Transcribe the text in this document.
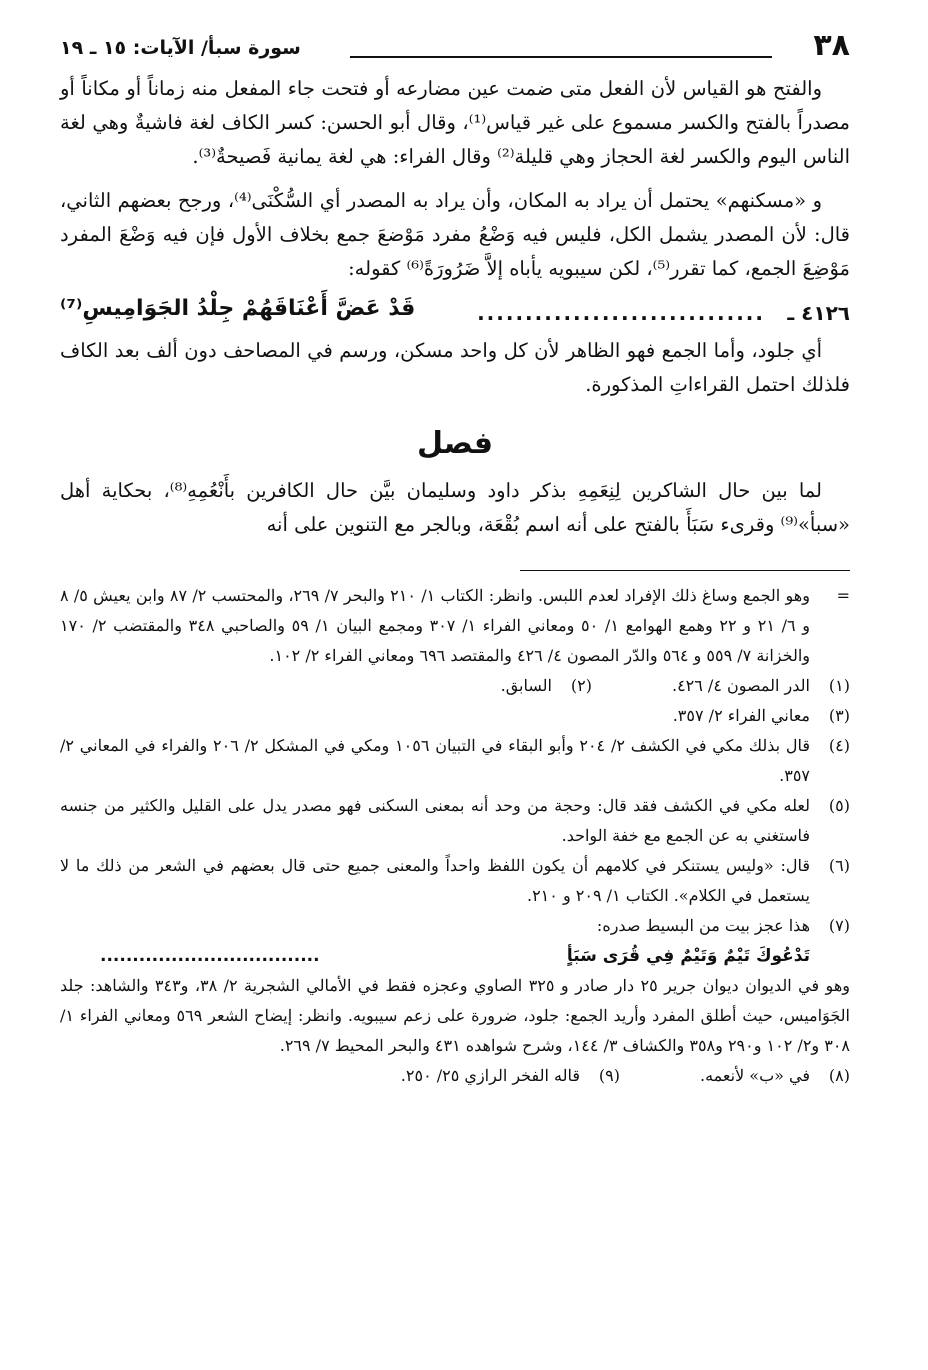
٣٨
سورة سبأ/ الآيات: ١٥ ـ ١٩

والفتح هو القياس لأن الفعل متى ضمت عين مضارعه أو فتحت جاء المفعل منه زماناً أو مكاناً أو مصدراً بالفتح والكسر مسموع على غير قياس⁽¹⁾، وقال أبو الحسن: كسر الكاف لغة فاشيةٌ وهي لغة الناس اليوم والكسر لغة الحجاز وهي قليلة⁽²⁾ وقال الفراء: هي لغة يمانية فَصيحةٌ⁽³⁾.

و «مسكنهم» يحتمل أن يراد به المكان، وأن يراد به المصدر أي السُّكْنَى⁽⁴⁾، ورجح بعضهم الثاني، قال: لأن المصدر يشمل الكل، فليس فيه وَضْعُ مفرد مَوْضعَ جمع بخلاف الأول فإن فيه وَضْعَ المفرد مَوْضِعَ الجمع، كما تقرر⁽⁵⁾، لكن سيبويه يأباه إلاَّ ضَرُورَةً⁽⁶⁾ كقوله:

٤١٢٦ ـ
..............................
قَدْ عَضَّ أَعْنَاقَهُمْ جِلْدُ الجَوَامِيسِ⁽⁷⁾

أي جلود، وأما الجمع فهو الظاهر لأن كل واحد مسكن، ورسم في المصاحف دون ألف بعد الكاف فلذلك احتمل القراءاتِ المذكورة.

فصل

لما بين حال الشاكرين لِنِعَمِهِ بذكر داود وسليمان بيَّن حال الكافرين بأَنْعُمِهِ⁽⁸⁾، بحكاية أهل «سبأ»⁽⁹⁾ وقرىء سَبَأَ بالفتح على أنه اسم بُقْعَة، وبالجر مع التنوين على أنه

=
وهو الجمع وساغ ذلك الإفراد لعدم اللبس. وانظر: الكتاب ١/ ٢١٠ والبحر ٧/ ٢٦٩، والمحتسب ٢/ ٨٧ وابن يعيش ٥/ ٨ و ٦/ ٢١ و ٢٢ وهمع الهوامع ١/ ٥٠ ومعاني الفراء ١/ ٣٠٧ ومجمع البيان ١/ ٥٩ والصاحبي ٣٤٨ والمقتضب ٢/ ١٧٠ والخزانة ٧/ ٥٥٩ و ٥٦٤ والدّر المصون ٤/ ٤٢٦ والمقتصد ٦٩٦ ومعاني الفراء ٢/ ١٠٢.
(١)
الدر المصون ٤/ ٤٢٦.
(٢)
السابق.
(٣)
معاني الفراء ٢/ ٣٥٧.
(٤)
قال بذلك مكي في الكشف ٢/ ٢٠٤ وأبو البقاء في التبيان ١٠٥٦ ومكي في المشكل ٢/ ٢٠٦ والفراء في المعاني ٢/ ٣٥٧.
(٥)
لعله مكي في الكشف فقد قال: وحجة من وحد أنه بمعنى السكنى فهو مصدر يدل على القليل والكثير من جنسه فاستغني به عن الجمع مع خفة الواحد.
(٦)
قال: «وليس يستنكر في كلامهم أن يكون اللفظ واحداً والمعنى جميع حتى قال بعضهم في الشعر من ذلك ما لا يستعمل في الكلام». الكتاب ١/ ٢٠٩ و ٢١٠.
(٧)
هذا عجز بيت من البسيط صدره:
تَدْعُوكَ تَيْمٌ وَتَيْمٌ فِي قُرَى سَبَأٍ
..................................
وهو في الديوان ديوان جرير ٢٥ دار صادر و ٣٢٥ الصاوي وعجزه فقط في الأمالي الشجرية ٢/ ٣٨، و٣٤٣ والشاهد: جلد الجَوَاميس، حيث أطلق المفرد وأريد الجمع: جلود، ضرورة على زعم سيبويه. وانظر: إيضاح الشعر ٥٦٩ ومعاني الفراء ١/ ٣٠٨ و٢/ ١٠٢ و٢٩٠ و٣٥٨ والكشاف ٣/ ١٤٤، وشرح شواهده ٤٣١ والبحر المحيط ٧/ ٢٦٩.
(٨)
في «ب» لأنعمه.
(٩)
قاله الفخر الرازي ٢٥/ ٢٥٠.
